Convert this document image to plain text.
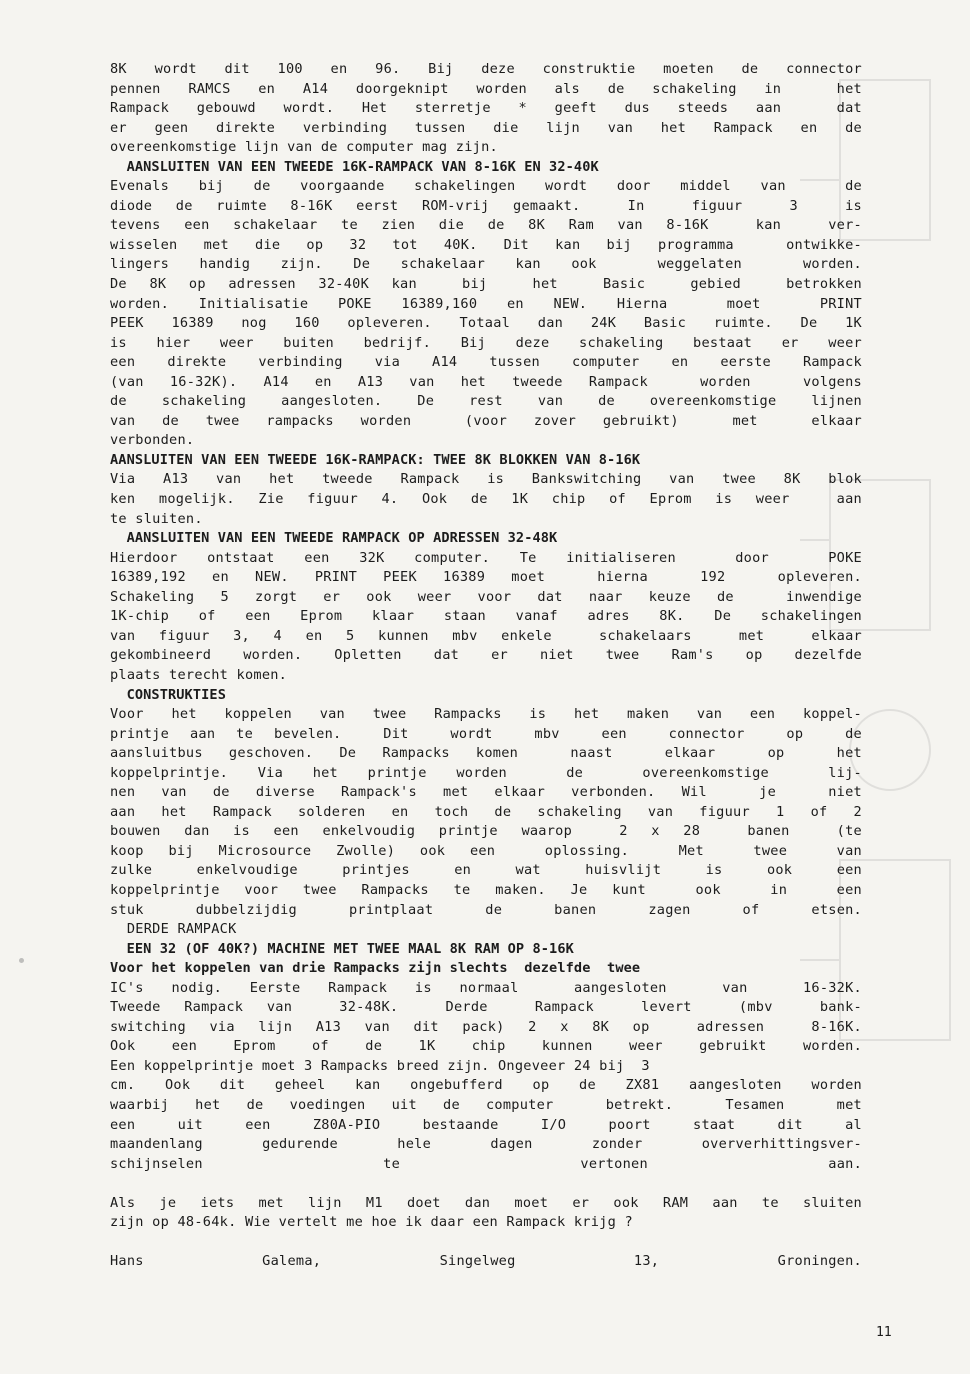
8K wordt dit 100 en 96. Bij deze construktie moeten de connector
pennen RAMCS en A14 doorgeknipt worden als de schakeling in  het
Rampack gebouwd wordt. Het sterretje * geeft dus steeds aan  dat
er geen direkte verbinding tussen die lijn van het Rampack en de
overeenkomstige lijn van de computer mag zijn.
AANSLUITEN VAN EEN TWEEDE 16K-RAMPACK VAN 8-16K EN 32-40K
Evenals bij de voorgaande schakelingen wordt door middel van  de
diode de ruimte 8-16K eerst ROM-vrij gemaakt.  In  figuur  3  is
tevens een schakelaar te zien die de 8K Ram van 8-16K  kan  ver-
wisselen met die op 32 tot 40K. Dit kan bij programma  ontwikke-
lingers handig zijn. De schakelaar kan ook  weggelaten  worden.
De 8K op adressen 32-40K kan  bij  het  Basic  gebied  betrokken
worden. Initialisatie POKE 16389,160 en NEW. Hierna  moet  PRINT
PEEK 16389 nog 160 opleveren. Totaal dan 24K Basic ruimte. De 1K
is hier weer buiten bedrijf. Bij deze schakeling bestaat er weer
een direkte verbinding via A14 tussen computer en eerste Rampack
(van 16-32K). A14 en A13 van het tweede Rampack  worden  volgens
de schakeling aangesloten. De rest van de overeenkomstige lijnen
van de twee rampacks worden  (voor zover gebruikt)  met  elkaar
verbonden.
AANSLUITEN VAN EEN TWEEDE 16K-RAMPACK: TWEE 8K BLOKKEN VAN 8-16K
Via A13 van het tweede Rampack is Bankswitching van twee 8K blok
ken mogelijk. Zie figuur 4. Ook de 1K chip of Eprom is weer  aan
te sluiten.
AANSLUITEN VAN EEN TWEEDE RAMPACK OP ADRESSEN 32-48K
Hierdoor ontstaat een 32K computer. Te initialiseren  door  POKE
16389,192 en NEW. PRINT PEEK 16389 moet  hierna  192  opleveren.
Schakeling 5 zorgt er ook weer voor dat naar keuze de  inwendige
1K-chip of een Eprom klaar staan vanaf adres 8K. De schakelingen
van figuur 3, 4 en 5 kunnen mbv enkele  schakelaars  met  elkaar
gekombineerd worden. Opletten dat er niet twee Ram's op dezelfde
plaats terecht komen.
CONSTRUKTIES
Voor het koppelen van twee Rampacks is het maken van een koppel-
printje aan te bevelen.  Dit  wordt  mbv  een  connector  op  de
aansluitbus geschoven. De Rampacks komen  naast  elkaar  op  het
koppelprintje. Via het printje worden  de  overeenkomstige  lij-
nen van de diverse Rampack's met elkaar verbonden. Wil  je  niet
aan het Rampack solderen en toch de schakeling van figuur 1 of 2
bouwen dan is een enkelvoudig printje waarop  2 x 28  banen  (te
koop bij Microsource Zwolle) ook een  oplossing.  Met  twee  van
zulke  enkelvoudige  printjes  en  wat  huisvlijt  is  ook  een
koppelprintje voor twee Rampacks te maken. Je kunt  ook  in  een
stuk dubbelzijdig printplaat de banen zagen of etsen.
DERDE RAMPACK
EEN 32 (OF 40K?) MACHINE MET TWEE MAAL 8K RAM OP 8-16K
Voor het koppelen van drie Rampacks zijn slechts  dezelfde  twee
IC's nodig. Eerste Rampack is normaal  aangesloten  van  16-32K.
Tweede Rampack van  32-48K.  Derde  Rampack  levert  (mbv  bank-
switching via lijn A13 van dit pack) 2 x 8K op  adressen  8-16K.
Ook een Eprom of de 1K chip kunnen weer gebruikt worden.
Een koppelprintje moet 3 Rampacks breed zijn. Ongeveer 24 bij  3
cm. Ook dit geheel kan ongebufferd op de ZX81 aangesloten worden
waarbij het de voedingen uit de computer  betrekt.  Tesamen  met
een  uit  een  Z80A-PIO  bestaande  I/O  poort  staat  dit  al
maandenlang  gedurende  hele  dagen  zonder  oververhittingsver-
schijnselen te vertonen aan.
Als je iets met lijn M1 doet dan moet er ook RAM aan te sluiten
zijn op 48-64k. Wie vertelt me hoe ik daar een Rampack krijg ?
Hans Galema, Singelweg 13, Groningen.
11
